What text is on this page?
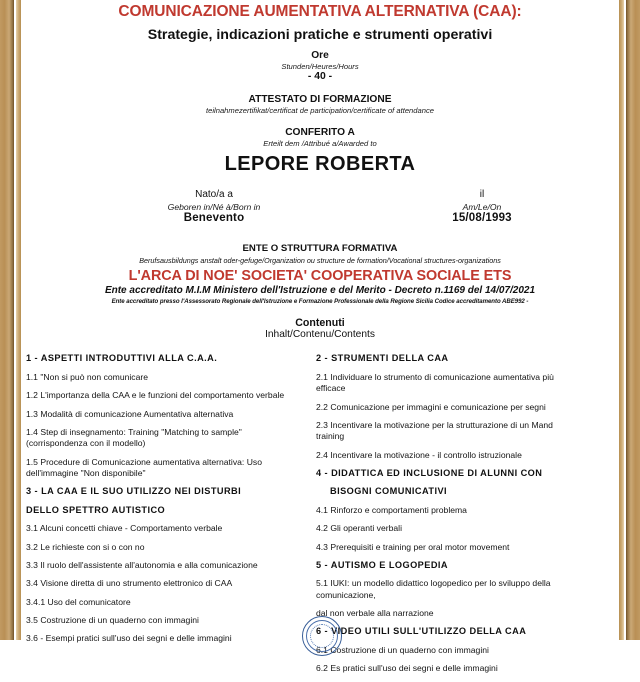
COMUNICAZIONE AUMENTATIVA ALTERNATIVA (CAA):
Strategie, indicazioni pratiche e strumenti operativi
Ore
Stunden/Heures/Hours
- 40 -
ATTESTATO DI FORMAZIONE
teilnahmezertifikat/certificat de participation/certificate of attendance
CONFERITO A
Erteilt dem /Attribué a/Awarded to
LEPORE ROBERTA
Nato/a a
Geboren in/Né à/Born in
Benevento
il
Am/Le/On
15/08/1993
ENTE O STRUTTURA FORMATIVA
Berufsausbildungs anstalt oder-gefuge/Organization ou structure de formation/Vocational structures-organizations
L'ARCA DI NOE' SOCIETA' COOPERATIVA SOCIALE ETS
Ente accreditato M.I.M Ministero dell'Istruzione e del Merito - Decreto n.1169 del 14/07/2021
Ente accreditato presso l'Assessorato Regionale dell'Istruzione e Formazione Professionale della Regione Sicilia Codice accreditamento ABE992 -
Contenuti
Inhalt/Contenu/Contents
1 - ASPETTI INTRODUTTIVI ALLA C.A.A.
1.1 "Non si può non comunicare
1.2 L'importanza della CAA e le funzioni del comportamento verbale
1.3 Modalità di comunicazione Aumentativa alternativa
1.4 Step di insegnamento: Training "Matching to sample" (corrispondenza con il modello)
1.5 Procedure di Comunicazione aumentativa alternativa: Uso dell'immagine "Non disponibile"
3 - LA CAA E IL SUO UTILIZZO NEI DISTURBI
DELLO SPETTRO AUTISTICO
3.1 Alcuni concetti chiave - Comportamento verbale
3.2 Le richieste con si o con no
3.3 Il ruolo dell'assistente all'autonomia e alla comunicazione
3.4 Visione diretta di uno strumento elettronico di CAA
3.4.1 Uso del comunicatore
3.5 Costruzione di un quaderno con immagini
3.6 - Esempi pratici sull'uso dei segni e delle immagini
2 - STRUMENTI DELLA CAA
2.1 Individuare lo strumento di comunicazione aumentativa più efficace
2.2 Comunicazione per immagini e comunicazione per segni
2.3 Incentivare la motivazione per la strutturazione di un Mand training
2.4 Incentivare la motivazione - il controllo istruzionale
4 - DIDATTICA ED INCLUSIONE DI ALUNNI CON
BISOGNI COMUNICATIVI
4.1 Rinforzo e comportamenti problema
4.2 Gli operanti verbali
4.3 Prerequisiti e training per oral motor movement
5 - AUTISMO E LOGOPEDIA
5.1 IUKI: un modello didattico logopedico per lo sviluppo della comunicazione,
dal non verbale alla narrazione
6 - VIDEO UTILI SULL'UTILIZZO DELLA CAA
6.1 Costruzione di un quaderno con immagini
6.2 Es pratici sull'uso dei segni e delle immagini
